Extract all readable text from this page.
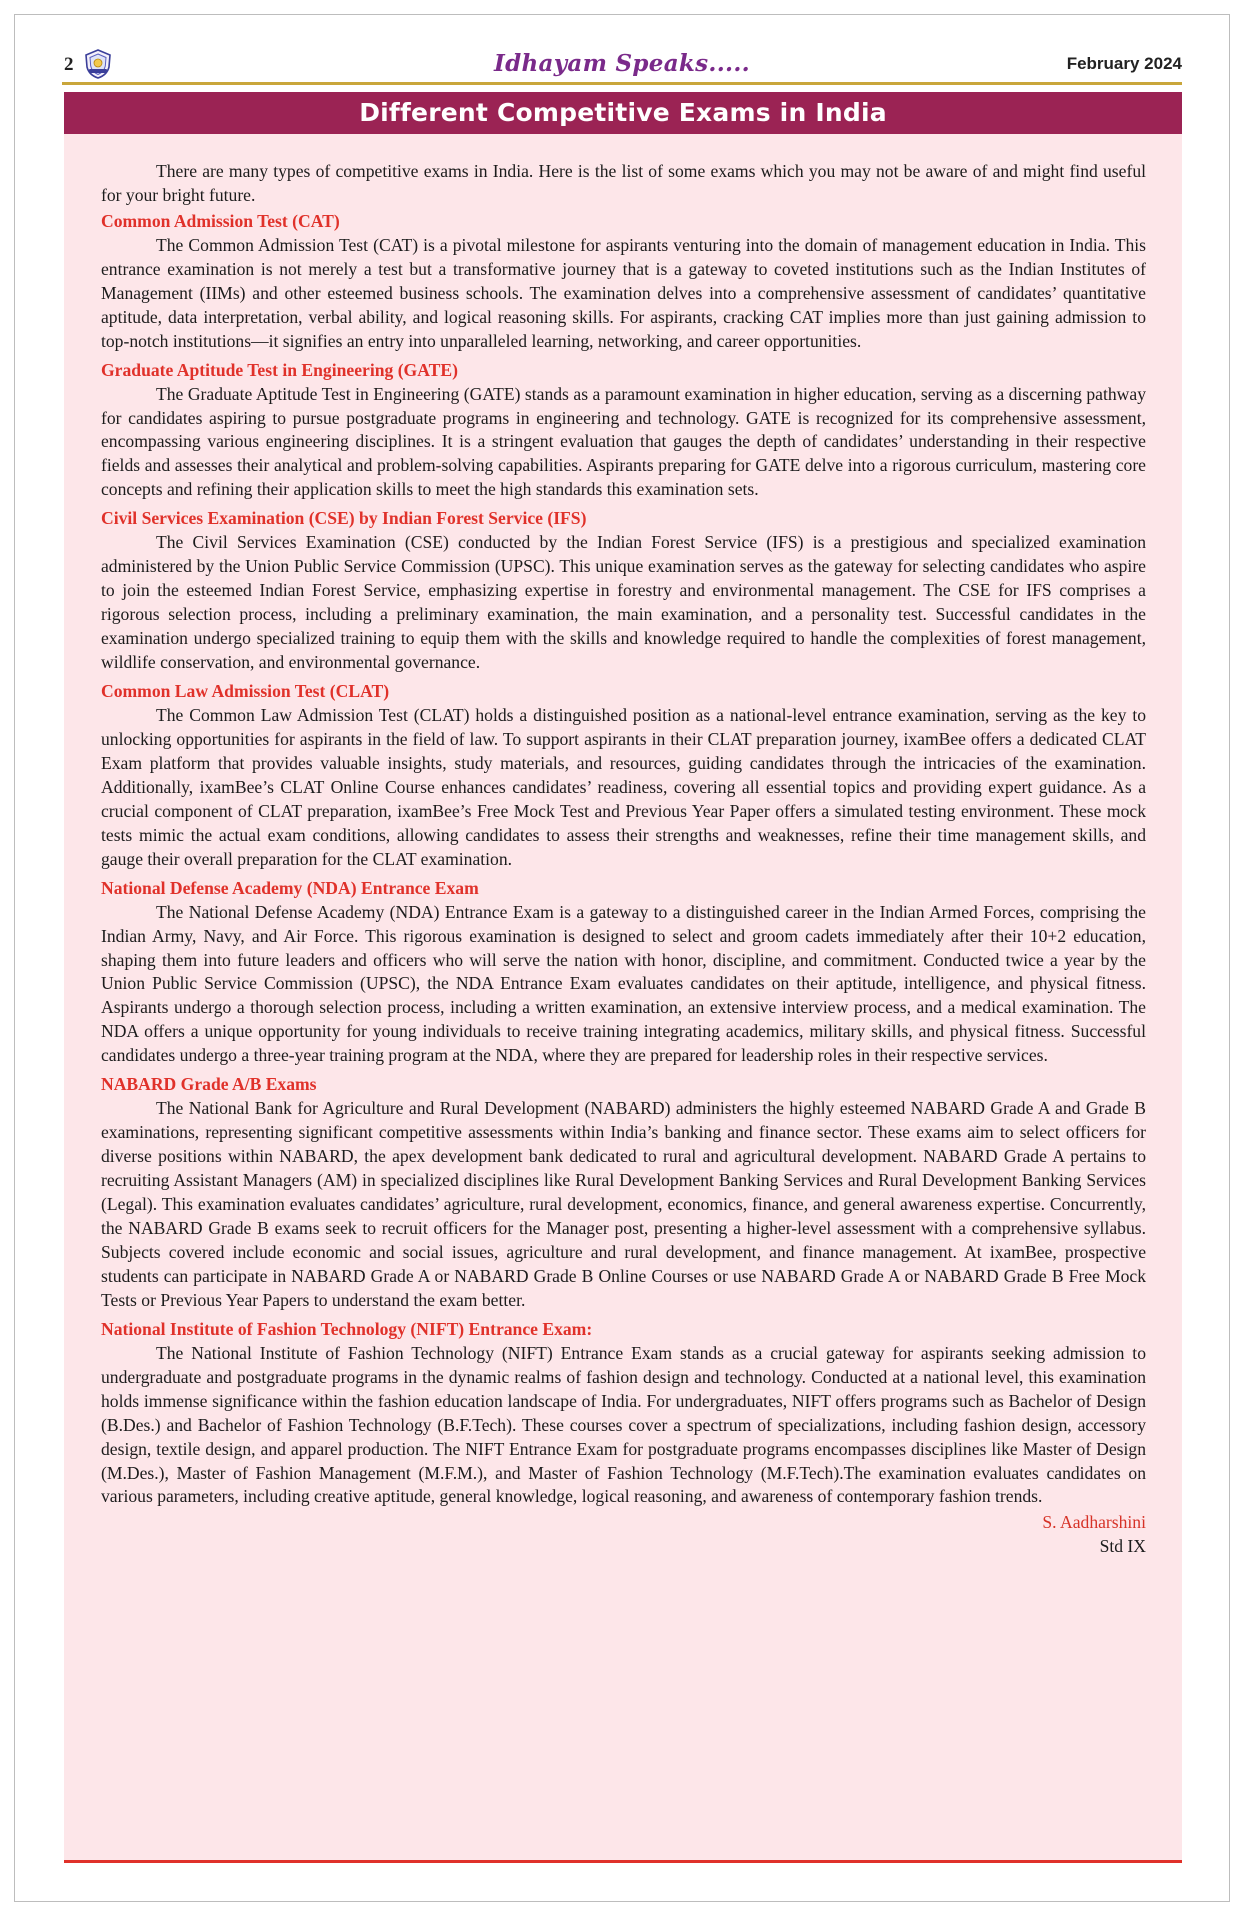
2	Idhayam Speaks.....	February 2024
Different Competitive Exams in India

There are many types of competitive exams in India. Here is the list of some exams which you may not be aware of and might find useful for your bright future.

Common Admission Test (CAT)

The Common Admission Test (CAT) is a pivotal milestone for aspirants venturing into the domain of management education in India. This entrance examination is not merely a test but a transformative journey that is a gateway to coveted institutions such as the Indian Institutes of Management (IIMs) and other esteemed business schools. The examination delves into a comprehensive assessment of candidates’ quantitative aptitude, data interpretation, verbal ability, and logical reasoning skills. For aspirants, cracking CAT implies more than just gaining admission to top-notch institutions—it signifies an entry into unparalleled learning, networking, and career opportunities.

Graduate Aptitude Test in Engineering (GATE)

The Graduate Aptitude Test in Engineering (GATE) stands as a paramount examination in higher education, serving as a discerning pathway for candidates aspiring to pursue postgraduate programs in engineering and technology. GATE is recognized for its comprehensive assessment, encompassing various engineering disciplines. It is a stringent evaluation that gauges the depth of candidates’ understanding in their respective fields and assesses their analytical and problem-solving capabilities. Aspirants preparing for GATE delve into a rigorous curriculum, mastering core concepts and refining their application skills to meet the high standards this examination sets.

Civil Services Examination (CSE) by Indian Forest Service (IFS)

The Civil Services Examination (CSE) conducted by the Indian Forest Service (IFS) is a prestigious and specialized examination administered by the Union Public Service Commission (UPSC). This unique examination serves as the gateway for selecting candidates who aspire to join the esteemed Indian Forest Service, emphasizing expertise in forestry and environmental management. The CSE for IFS comprises a rigorous selection process, including a preliminary examination, the main examination, and a personality test. Successful candidates in the examination undergo specialized training to equip them with the skills and knowledge required to handle the complexities of forest management, wildlife conservation, and environmental governance.

Common Law Admission Test (CLAT)

The Common Law Admission Test (CLAT) holds a distinguished position as a national-level entrance examination, serving as the key to unlocking opportunities for aspirants in the field of law. To support aspirants in their CLAT preparation journey, ixamBee offers a dedicated CLAT Exam platform that provides valuable insights, study materials, and resources, guiding candidates through the intricacies of the examination. Additionally, ixamBee’s CLAT Online Course enhances candidates’ readiness, covering all essential topics and providing expert guidance. As a crucial component of CLAT preparation, ixamBee’s Free Mock Test and Previous Year Paper offers a simulated testing environment. These mock tests mimic the actual exam conditions, allowing candidates to assess their strengths and weaknesses, refine their time management skills, and gauge their overall preparation for the CLAT examination.

National Defense Academy (NDA) Entrance Exam

The National Defense Academy (NDA) Entrance Exam is a gateway to a distinguished career in the Indian Armed Forces, comprising the Indian Army, Navy, and Air Force. This rigorous examination is designed to select and groom cadets immediately after their 10+2 education, shaping them into future leaders and officers who will serve the nation with honor, discipline, and commitment. Conducted twice a year by the Union Public Service Commission (UPSC), the NDA Entrance Exam evaluates candidates on their aptitude, intelligence, and physical fitness. Aspirants undergo a thorough selection process, including a written examination, an extensive interview process, and a medical examination. The NDA offers a unique opportunity for young individuals to receive training integrating academics, military skills, and physical fitness. Successful candidates undergo a three-year training program at the NDA, where they are prepared for leadership roles in their respective services.

NABARD Grade A/B Exams

The National Bank for Agriculture and Rural Development (NABARD) administers the highly esteemed NABARD Grade A and Grade B examinations, representing significant competitive assessments within India’s banking and finance sector. These exams aim to select officers for diverse positions within NABARD, the apex development bank dedicated to rural and agricultural development. NABARD Grade A pertains to recruiting Assistant Managers (AM) in specialized disciplines like Rural Development Banking Services and Rural Development Banking Services (Legal). This examination evaluates candidates’ agriculture, rural development, economics, finance, and general awareness expertise. Concurrently, the NABARD Grade B exams seek to recruit officers for the Manager post, presenting a higher-level assessment with a comprehensive syllabus. Subjects covered include economic and social issues, agriculture and rural development, and finance management. At ixamBee, prospective students can participate in NABARD Grade A or NABARD Grade B Online Courses or use NABARD Grade A or NABARD Grade B Free Mock Tests or Previous Year Papers to understand the exam better.

National Institute of Fashion Technology (NIFT) Entrance Exam:

The National Institute of Fashion Technology (NIFT) Entrance Exam stands as a crucial gateway for aspirants seeking admission to undergraduate and postgraduate programs in the dynamic realms of fashion design and technology. Conducted at a national level, this examination holds immense significance within the fashion education landscape of India. For undergraduates, NIFT offers programs such as Bachelor of Design (B.Des.) and Bachelor of Fashion Technology (B.F.Tech). These courses cover a spectrum of specializations, including fashion design, accessory design, textile design, and apparel production. The NIFT Entrance Exam for postgraduate programs encompasses disciplines like Master of Design (M.Des.), Master of Fashion Management (M.F.M.), and Master of Fashion Technology (M.F.Tech).The examination evaluates candidates on various parameters, including creative aptitude, general knowledge, logical reasoning, and awareness of contemporary fashion trends.

S. Aadharshini

Std IX
